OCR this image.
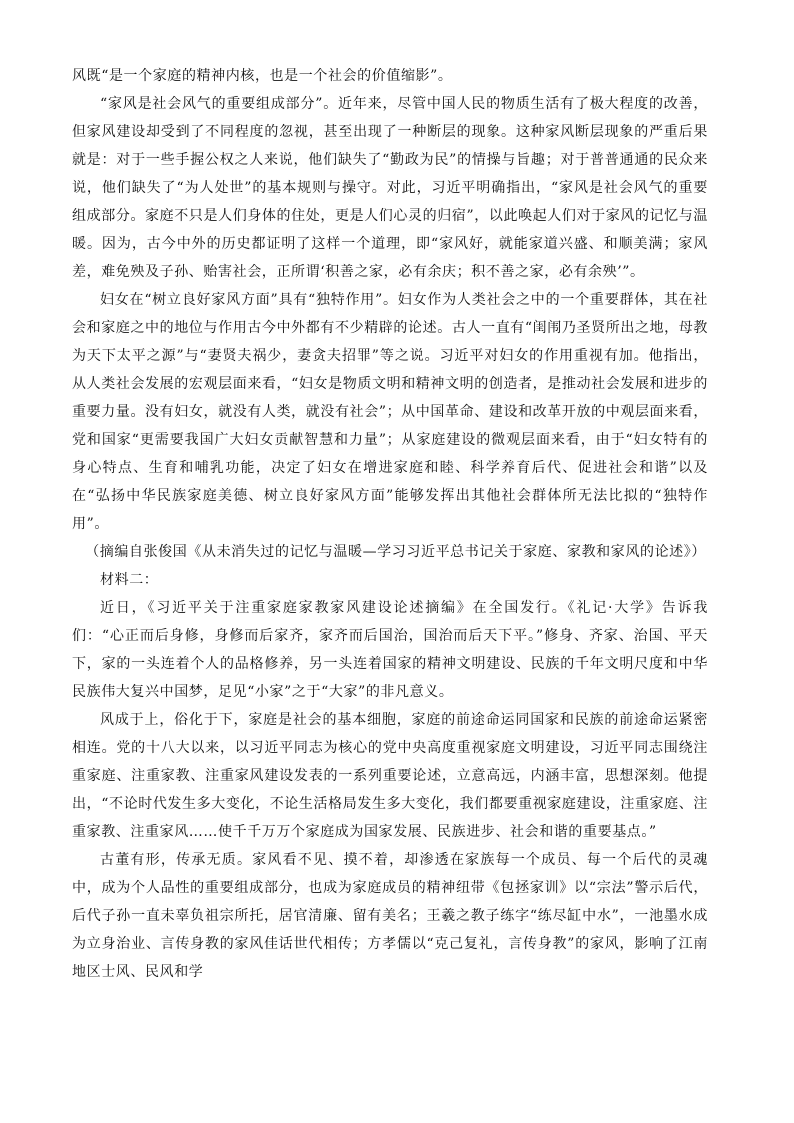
风既“是一个家庭的精神内核，也是一个社会的价值缩影”。

“家风是社会风气的重要组成部分”。近年来，尽管中国人民的物质生活有了极大程度的改善，但家风建设却受到了不同程度的忽视，甚至出现了一种断层的现象。这种家风断层现象的严重后果就是：对于一些手握公权之人来说，他们缺失了“勤政为民”的情操与旨趣；对于普普通通的民众来说，他们缺失了“为人处世”的基本规则与操守。对此，习近平明确指出，“家风是社会风气的重要组成部分。家庭不只是人们身体的住处，更是人们心灵的归宿”，以此唤起人们对于家风的记忆与温暖。因为，古今中外的历史都证明了这样一个道理，即“家风好，就能家道兴盛、和顺美满；家风差，难免殃及子孙、贻害社会，正所谓‘积善之家，必有余庆；积不善之家，必有余殃’”。

妇女在“树立良好家风方面”具有“独特作用”。妇女作为人类社会之中的一个重要群体，其在社会和家庭之中的地位与作用古今中外都有不少精辟的论述。古人一直有“闺闱乃圣贤所出之地，母教为天下太平之源”与“妻贤夫祸少，妻贪夫招罪”等之说。习近平对妇女的作用重视有加。他指出，从人类社会发展的宏观层面来看，“妇女是物质文明和精神文明的创造者，是推动社会发展和进步的重要力量。没有妇女，就没有人类，就没有社会”；从中国革命、建设和改革开放的中观层面来看，党和国家“更需要我国广大妇女贡献智慧和力量”；从家庭建设的微观层面来看，由于“妇女特有的身心特点、生育和哺乳功能，决定了妇女在增进家庭和睦、科学养育后代、促进社会和谐”以及在“弘扬中华民族家庭美德、树立良好家风方面”能够发挥出其他社会群体所无法比拟的“独特作用”。

（摘编自张俊国《从未消失过的记忆与温暖—学习习近平总书记关于家庭、家教和家风的论述》）

材料二：

近日，《习近平关于注重家庭家教家风建设论述摘编》在全国发行。《礼记·大学》告诉我们：“心正而后身修，身修而后家齐，家齐而后国治，国治而后天下平。”修身、齐家、治国、平天下，家的一头连着个人的品格修养，另一头连着国家的精神文明建设、民族的千年文明尺度和中华民族伟大复兴中国梦，足见“小家”之于“大家”的非凡意义。

风成于上，俗化于下，家庭是社会的基本细胞，家庭的前途命运同国家和民族的前途命运紧密相连。党的十八大以来，以习近平同志为核心的党中央高度重视家庭文明建设，习近平同志围绕注重家庭、注重家教、注重家风建设发表的一系列重要论述，立意高远，内涵丰富，思想深刻。他提出，“不论时代发生多大变化，不论生活格局发生多大变化，我们都要重视家庭建设，注重家庭、注重家教、注重家风……使千千万万个家庭成为国家发展、民族进步、社会和谐的重要基点。”

古董有形，传承无质。家风看不见、摸不着，却渗透在家族每一个成员、每一个后代的灵魂中，成为个人品性的重要组成部分，也成为家庭成员的精神纽带《包拯家训》以“宗法”警示后代，后代子孙一直未辜负祖宗所托，居官清廉、留有美名；王羲之教子练字“练尽缸中水”，一池墨水成为立身治业、言传身教的家风佳话世代相传；方孝儒以“克己复礼，言传身教”的家风，影响了江南地区士风、民风和学
